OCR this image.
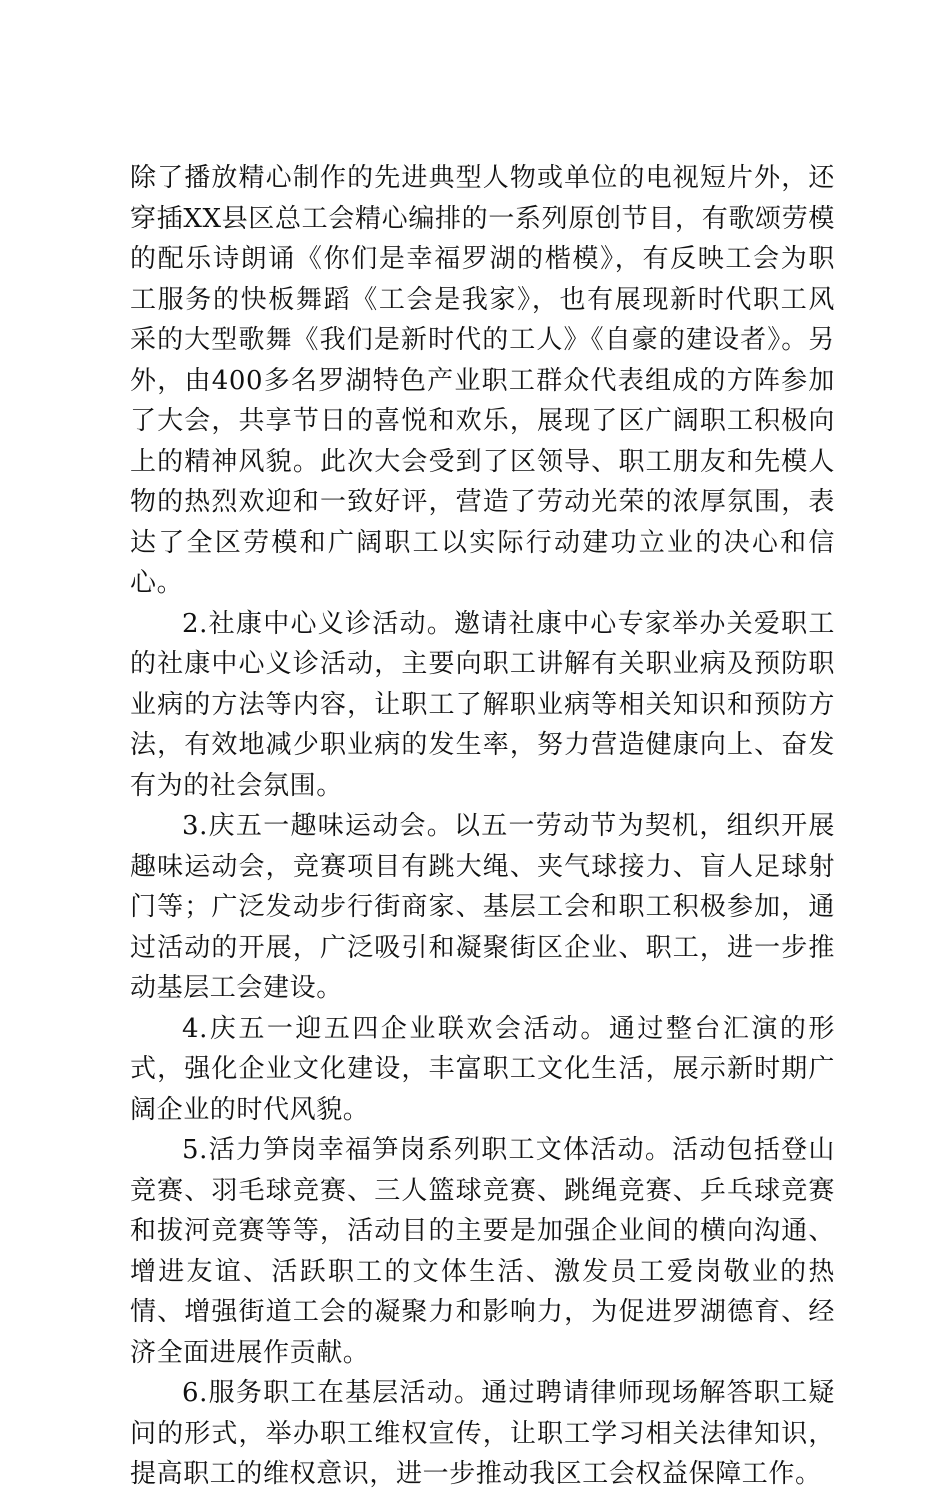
除了播放精心制作的先进典型人物或单位的电视短片外，还穿插XX县区总工会精心编排的一系列原创节目，有歌颂劳模的配乐诗朗诵《你们是幸福罗湖的楷模》，有反映工会为职工服务的快板舞蹈《工会是我家》，也有展现新时代职工风采的大型歌舞《我们是新时代的工人》《自豪的建设者》。另外，由400多名罗湖特色产业职工群众代表组成的方阵参加了大会，共享节日的喜悦和欢乐，展现了区广阔职工积极向上的精神风貌。此次大会受到了区领导、职工朋友和先模人物的热烈欢迎和一致好评，营造了劳动光荣的浓厚氛围，表达了全区劳模和广阔职工以实际行动建功立业的决心和信心。

2.社康中心义诊活动。邀请社康中心专家举办关爱职工的社康中心义诊活动，主要向职工讲解有关职业病及预防职业病的方法等内容，让职工了解职业病等相关知识和预防方法，有效地减少职业病的发生率，努力营造健康向上、奋发有为的社会氛围。

3.庆五一趣味运动会。以五一劳动节为契机，组织开展趣味运动会，竞赛项目有跳大绳、夹气球接力、盲人足球射门等；广泛发动步行街商家、基层工会和职工积极参加，通过活动的开展，广泛吸引和凝聚街区企业、职工，进一步推动基层工会建设。

4.庆五一迎五四企业联欢会活动。通过整台汇演的形式，强化企业文化建设，丰富职工文化生活，展示新时期广阔企业的时代风貌。

5.活力笋岗幸福笋岗系列职工文体活动。活动包括登山竞赛、羽毛球竞赛、三人篮球竞赛、跳绳竞赛、乒乓球竞赛和拔河竞赛等等，活动目的主要是加强企业间的横向沟通、增进友谊、活跃职工的文体生活、激发员工爱岗敬业的热情、增强街道工会的凝聚力和影响力，为促进罗湖德育、经济全面进展作贡献。

6.服务职工在基层活动。通过聘请律师现场解答职工疑问的形式，举办职工维权宣传，让职工学习相关法律知识，提高职工的维权意识，进一步推动我区工会权益保障工作。
